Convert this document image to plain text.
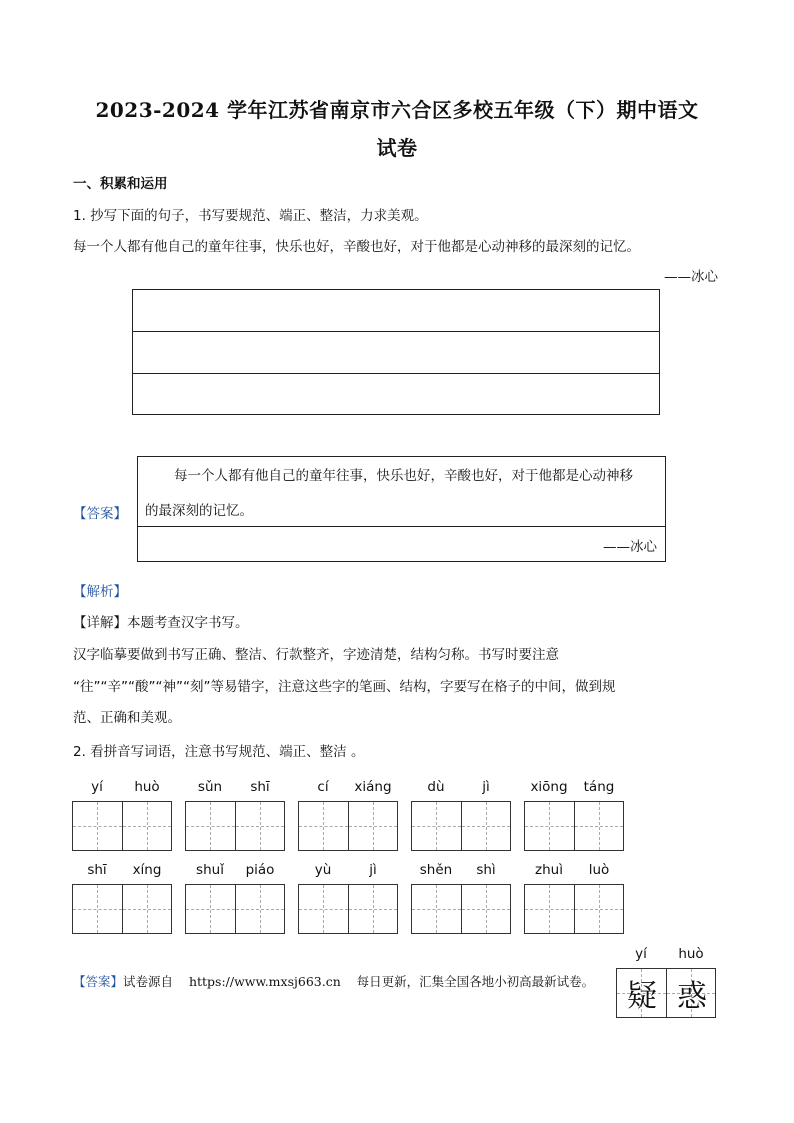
2023-2024 学年江苏省南京市六合区多校五年级（下）期中语文
试卷
一、积累和运用
1. 抄写下面的句子，书写要规范、端正、整洁，力求美观。
每一个人都有他自己的童年往事，快乐也好，辛酸也好，对于他都是心动神移的最深刻的记忆。
——冰心
【答案】
每一个人都有他自己的童年往事，快乐也好，辛酸也好，对于他都是心动神移
的最深刻的记忆。
——冰心
【解析】
【详解】本题考查汉字书写。
汉字临摹要做到书写正确、整洁、行款整齐，字迹清楚，结构匀称。书写时要注意
“往”“辛”“酸”“神”“刻”等易错字，注意这些字的笔画、结构，字要写在格子的中间，做到规
范、正确和美观。
2. 看拼音写词语，注意书写规范、端正、整洁 。
yí	huò	sǔn	shī	cí	xiáng	dù	jì	xiōng	táng
shī	xíng	shuǐ	piáo	yù	jì	shěn	shì	zhuì	luò
【答案】试卷源自 https://www.mxsj663.cn 每日更新，汇集全国各地小初高最新试卷。
yí	huò
疑 惑
